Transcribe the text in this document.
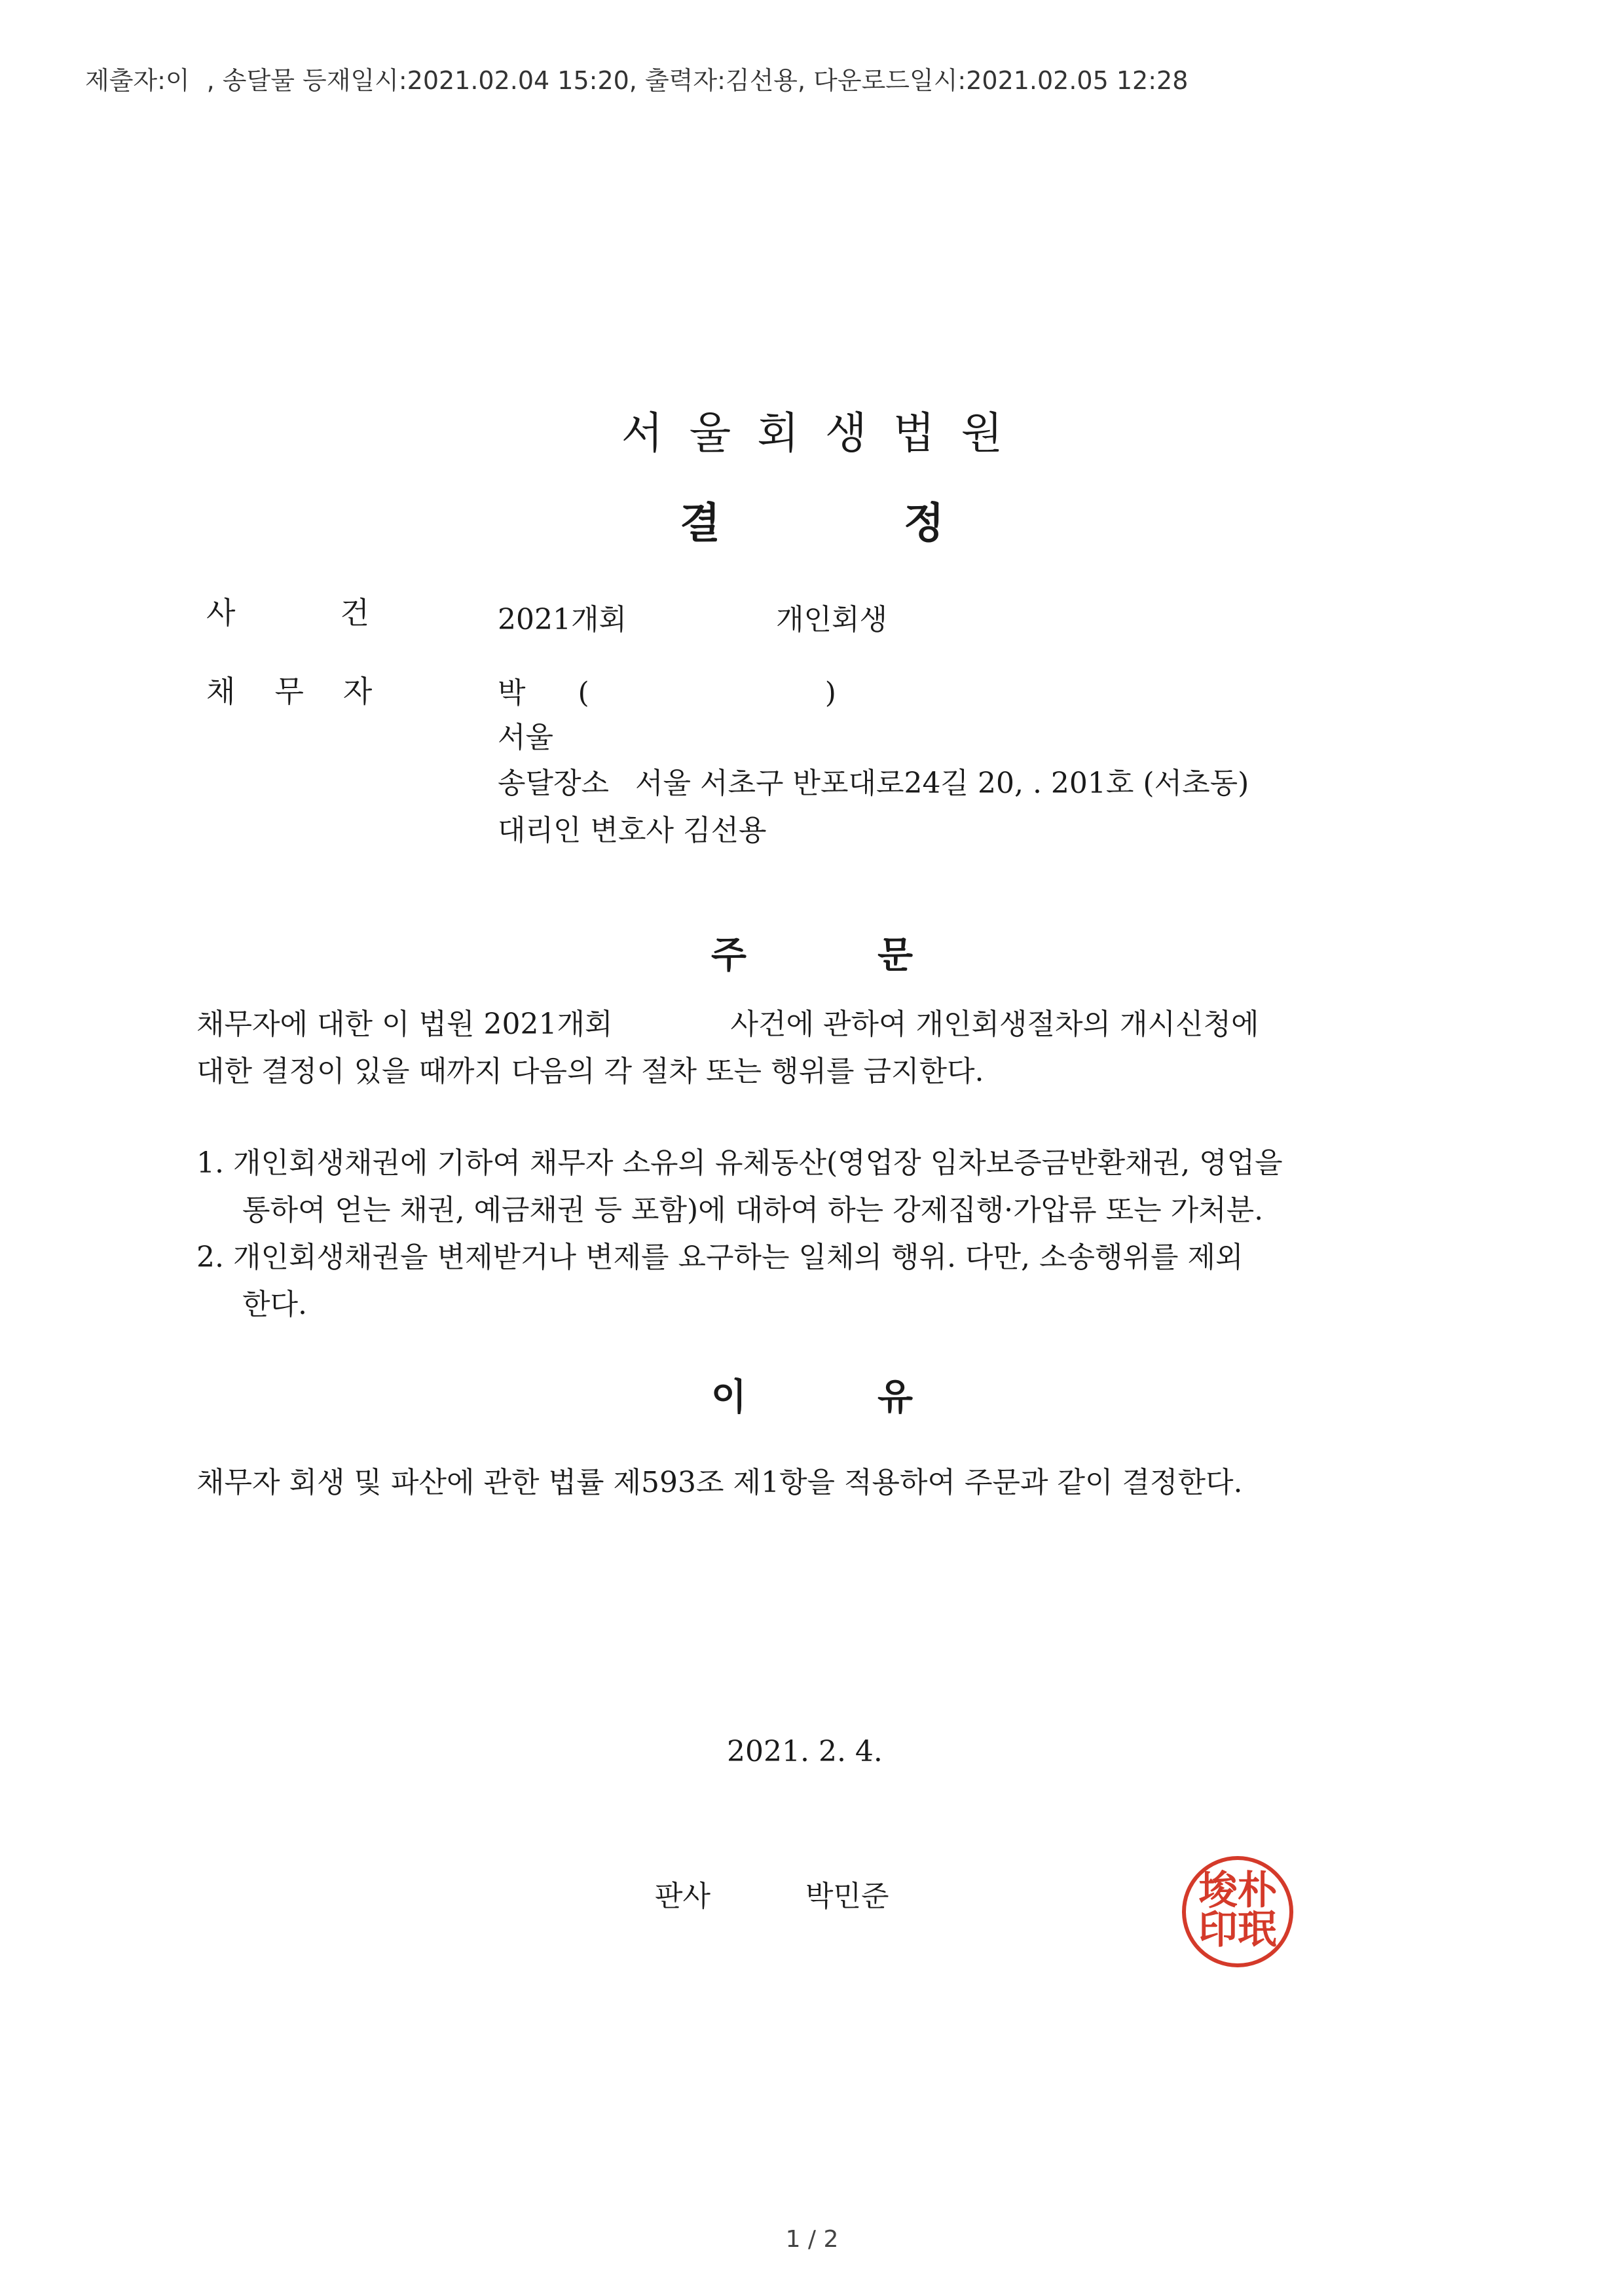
제출자:이 , 송달물 등재일시:2021.02.04 15:20, 출력자:김선용, 다운로드일시:2021.02.05 12:28
서울회생법원
결	정
사	건	2021개회	개인회생
채 무 자	박 (	)
서울
송달장소 서울 서초구 반포대로24길 20, . 201호 (서초동)
대리인 변호사 김선용
주	문
채무자에 대한 이 법원 2021개회	사건에 관하여 개인회생절차의 개시신청에
대한 결정이 있을 때까지 다음의 각 절차 또는 행위를 금지한다.
1. 개인회생채권에 기하여 채무자 소유의 유체동산(영업장 임차보증금반환채권, 영업을
통하여 얻는 채권, 예금채권 등 포함)에 대하여 하는 강제집행·가압류 또는 가처분.
2. 개인회생채권을 변제받거나 변제를 요구하는 일체의 행위. 다만, 소송행위를 제외
한다.
이	유
채무자 회생 및 파산에 관한 법률 제593조 제1항을 적용하여 주문과 같이 결정한다.
2021. 2. 4.
판사	박민준	朴
珉
埈
印
1 / 2
